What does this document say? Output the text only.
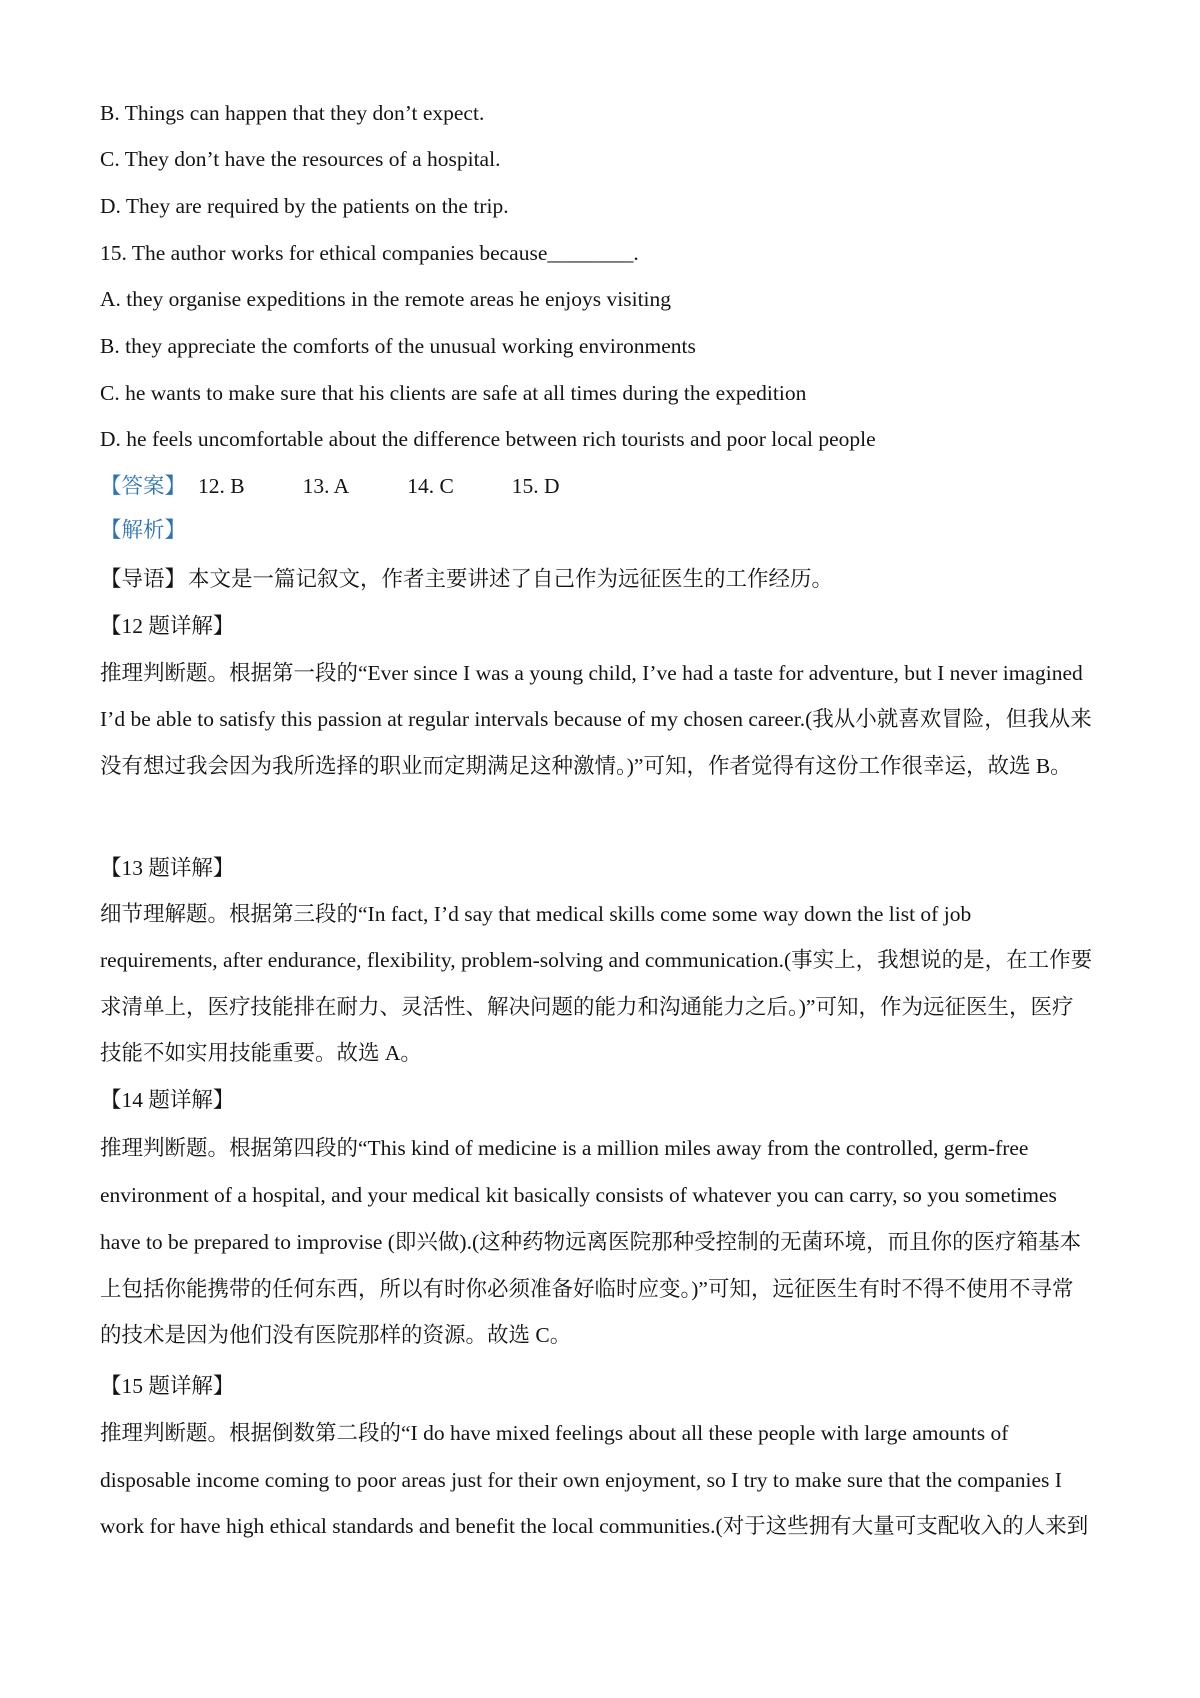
B. Things can happen that they don’t expect.
C. They don’t have the resources of a hospital.
D. They are required by the patients on the trip.
15. The author works for ethical companies because________.
A. they organise expeditions in the remote areas he enjoys visiting
B. they appreciate the comforts of the unusual working environments
C. he wants to make sure that his clients are safe at all times during the expedition
D. he feels uncomfortable about the difference between rich tourists and poor local people
【答案】 12. B	13. A	14. C	15. D
【解析】
【导语】本文是一篇记叙文，作者主要讲述了自己作为远征医生的工作经历。
【12 题详解】
推理判断题。根据第一段的“Ever since I was a young child, I’ve had a taste for adventure, but I never imagined
I’d be able to satisfy this passion at regular intervals because of my chosen career.(我从小就喜欢冒险，但我从来
没有想过我会因为我所选择的职业而定期满足这种激情。)”可知，作者觉得有这份工作很幸运，故选 B。
【13 题详解】
细节理解题。根据第三段的“In fact, I’d say that medical skills come some way down the list of job
requirements, after endurance, flexibility, problem-solving and communication.(事实上，我想说的是，在工作要
求清单上，医疗技能排在耐力、灵活性、解决问题的能力和沟通能力之后。)”可知，作为远征医生，医疗
技能不如实用技能重要。故选 A。
【14 题详解】
推理判断题。根据第四段的“This kind of medicine is a million miles away from the controlled, germ-free
environment of a hospital, and your medical kit basically consists of whatever you can carry, so you sometimes
have to be prepared to improvise (即兴做).(这种药物远离医院那种受控制的无菌环境，而且你的医疗箱基本
上包括你能携带的任何东西，所以有时你必须准备好临时应变。)”可知，远征医生有时不得不使用不寻常
的技术是因为他们没有医院那样的资源。故选 C。
【15 题详解】
推理判断题。根据倒数第二段的“I do have mixed feelings about all these people with large amounts of
disposable income coming to poor areas just for their own enjoyment, so I try to make sure that the companies I
work for have high ethical standards and benefit the local communities.(对于这些拥有大量可支配收入的人来到
